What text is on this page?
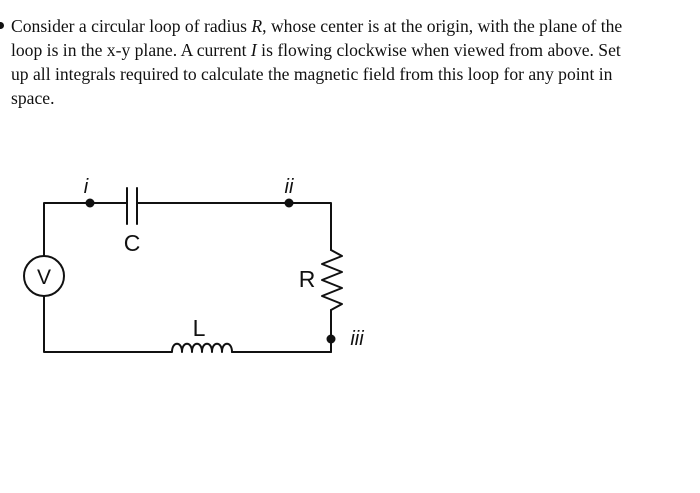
Consider a circular loop of radius R, whose center is at the origin, with the plane of the
loop is in the x-y plane. A current I is flowing clockwise when viewed from above. Set
up all integrals required to calculate the magnetic field from this loop for any point in
space.
V
C
L
R
i	ii
iii
